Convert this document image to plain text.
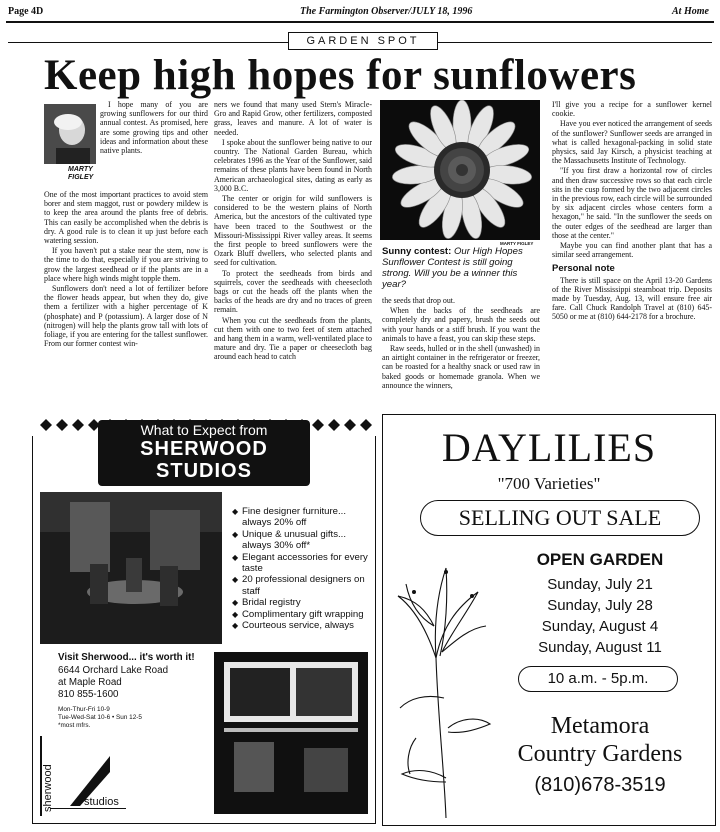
Page 4D	The Farmington Observer/JULY 18, 1996	At Home
GARDEN SPOT
Keep high hopes for sunflowers
MARTY
FIGLEY

I hope many of you are growing sunflowers for our third annual contest. As promised, here are some growing tips and other ideas and information about these native plants.

One of the most important practices to avoid stem borer and stem maggot, rust or powdery mildew is to keep the area around the plants free of debris. This can easily be accomplished when the debris is dry. A good rule is to clean it up just before each watering session.

If you haven't put a stake near the stem, now is the time to do that, especially if you are striving to grow the largest seedhead or if the plants are in a place where high winds might topple them.

Sunflowers don't need a lot of fertilizer before the flower heads appear, but when they do, give them a fertilizer with a higher percentage of K (phosphate) and P (potassium). A larger dose of N (nitrogen) will help the plants grow tall with lots of foliage, if you are entering for the tallest sunflower. From our former contest win-

ners we found that many used Stern's Miracle-Gro and Rapid Grow, other fertilizers, composted grass, leaves and manure. A lot of water is needed.

I spoke about the sunflower being native to our country. The National Garden Bureau, which celebrates 1996 as the Year of the Sunflower, said remains of these plants have been found in North American archaeological sites, dating as early as 3,000 B.C.

The center or origin for wild sunflowers is considered to be the western plains of North America, but the ancestors of the cultivated type have been traced to the Southwest or the Missouri-Mississippi River valley areas. It seems the first people to breed sunflowers were the Ozark Bluff dwellers, who selected plants and seed for cultivation.

To protect the seedheads from birds and squirrels, cover the seedheads with cheesecloth bags or cut the heads off the plants when the backs of the heads are dry and no traces of green remain.

When you cut the seedheads from the plants, cut them with one to two feet of stem attached and hang them in a warm, well-ventilated place to mature and dry. Tie a paper or cheesecloth bag around each head to catch

MARTY FIGLEY
Sunny contest: Our High Hopes Sunflower Contest is still going strong. Will you be a winner this year?

the seeds that drop out.

When the backs of the seedheads are completely dry and papery, brush the seeds out with your hands or a stiff brush. If you want the animals to have a feast, you can skip these steps.

Raw seeds, hulled or in the shell (unwashed) in an airtight container in the refrigerator or freezer, can be roasted for a healthy snack or used raw in baked goods or homemade granola. When we announce the winners,

I'll give you a recipe for a sunflower kernel cookie.

Have you ever noticed the arrangement of seeds of the sunflower? Sunflower seeds are arranged in what is called hexagonal-packing in solid state physics, said Jay Kirsch, a physicist teaching at the Massachusetts Institute of Technology.

"If you first draw a horizontal row of circles and then draw successive rows so that each circle sits in the cusp formed by the two adjacent circles in the previous row, each circle will be surrounded by six adjacent circles whose centers form a hexagon," he said. "In the sunflower the seeds on the outer edges of the seedhead are larger than those at the center."

Maybe you can find another plant that has a similar seed arrangement.

Personal note

There is still space on the April 13-20 Gardens of the River Mississippi steamboat trip. Deposits made by Tuesday, Aug. 13, will ensure free air fare. Call Chuck Randolph Travel at (810) 645-5050 or me at (810) 644-2178 for a brochure.

What to Expect from
SHERWOOD
STUDIOS
◆ Fine designer furniture... always 20% off
◆ Unique & unusual gifts... always 30% off*
◆ Elegant accessories for every taste
◆ 20 professional designers on staff
◆ Bridal registry
◆ Complimentary gift wrapping
◆ Courteous service, always
Visit Sherwood... it's worth it!
6644 Orchard Lake Road
at Maple Road
810 855-1600
Mon-Thur-Fri 10-9
Tue-Wed-Sat 10-6 • Sun 12-5
*most mfrs.
sherwood	studios
DAYLILIES
"700 Varieties"
SELLING OUT SALE
OPEN GARDEN
Sunday, July 21
Sunday, July 28
Sunday, August 4
Sunday, August 11
10 a.m. - 5p.m.
Metamora
Country Gardens
(810)678-3519
